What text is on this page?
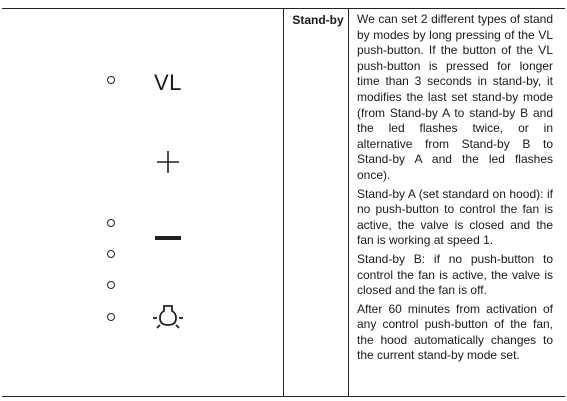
VL
Stand-by We can set 2 different types of stand by modes by long pressing of the VL push-button. If the button of the VL push-button is pressed for longer time than 3 seconds in stand-by, it modifies the last set stand-by mode (from Stand-by A to stand-by B and the led flashes twice, or in alternative from Stand-by B to Stand-by A and the led flashes once).

Stand-by A (set standard on hood): if no push-button to control the fan is active, the valve is closed and the fan is working at speed 1.

Stand-by B: if no push-button to control the fan is active, the valve is closed and the fan is off.

After 60 minutes from activation of any control push-button of the fan, the hood automatically changes to the current stand-by mode set.
